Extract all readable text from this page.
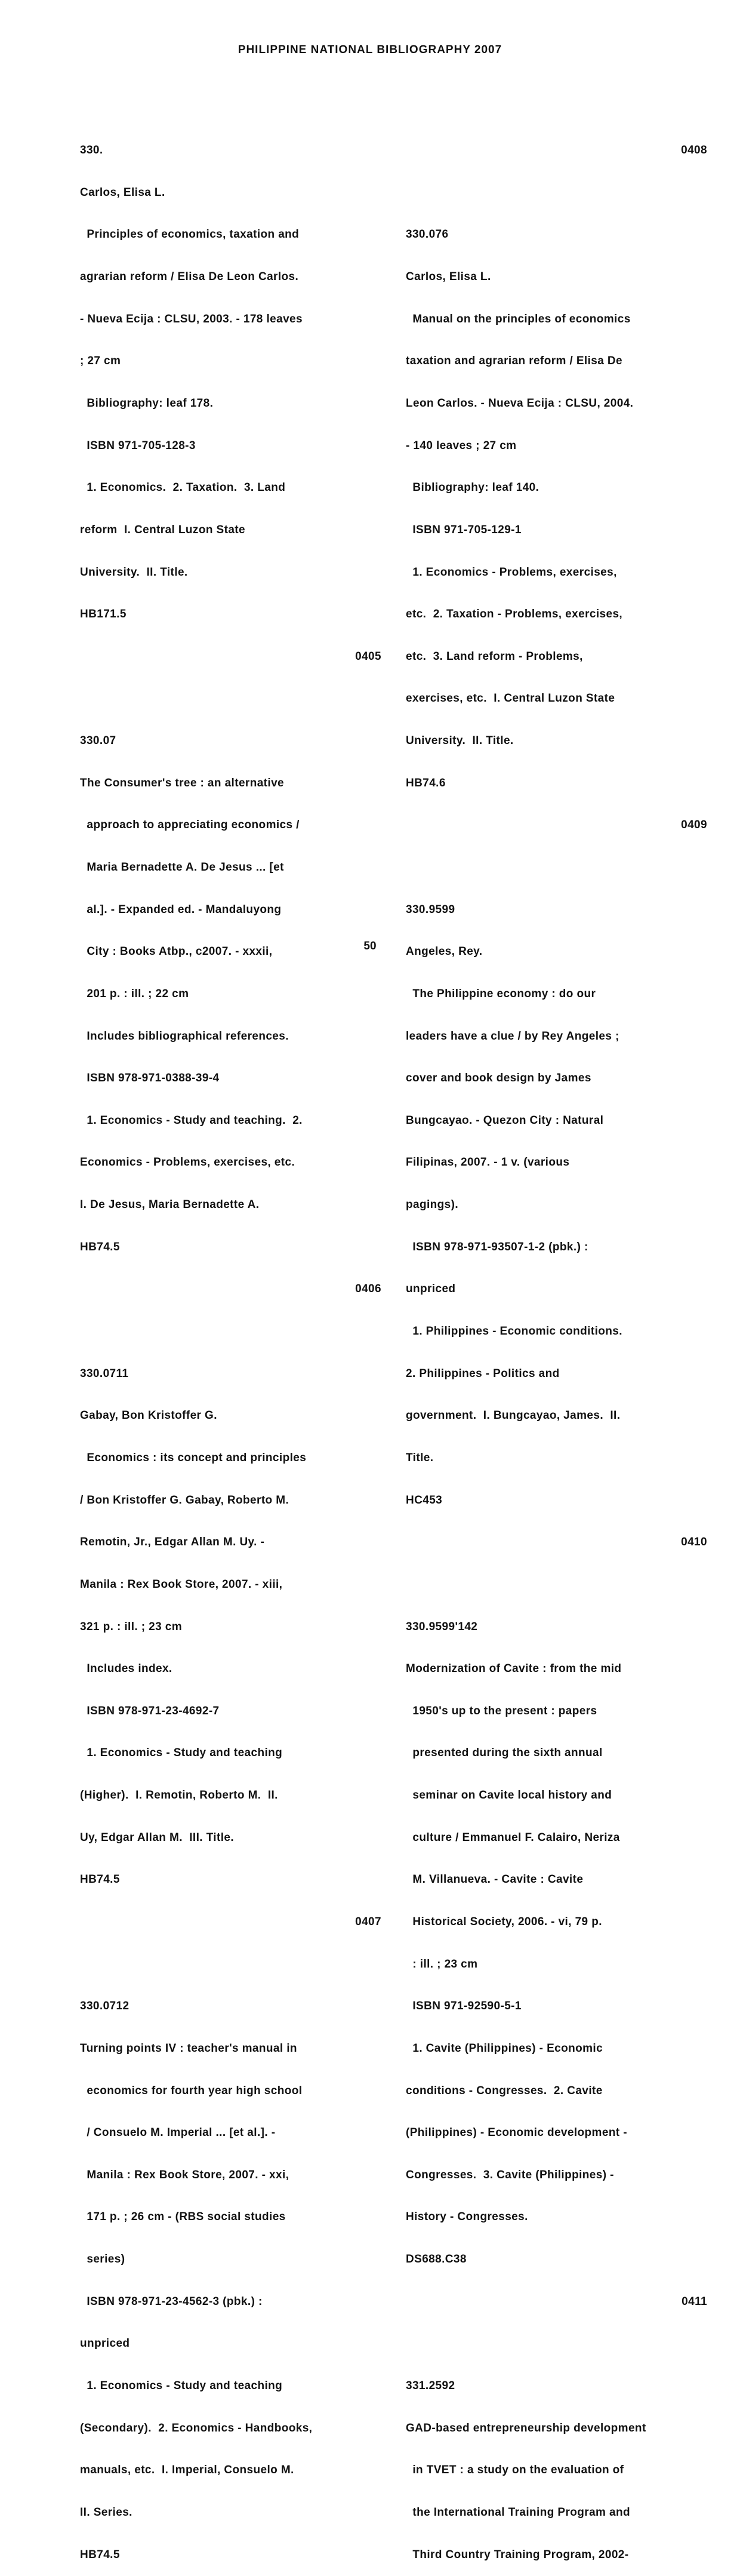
PHILIPPINE NATIONAL BIBLIOGRAPHY 2007

330.

Carlos, Elisa L.

Principles of economics, taxation and

agrarian reform / Elisa De Leon Carlos.

- Nueva Ecija : CLSU, 2003. - 178 leaves

; 27 cm

Bibliography: leaf 178.

ISBN 971-705-128-3

1. Economics.  2. Taxation.  3. Land

reform  I. Central Luzon State

University.  II. Title.

HB171.5

0405

330.07

The Consumer's tree : an alternative

approach to appreciating economics /

Maria Bernadette A. De Jesus ... [et

al.]. - Expanded ed. - Mandaluyong

City : Books Atbp., c2007. - xxxii,

201 p. : ill. ; 22 cm

Includes bibliographical references.

ISBN 978-971-0388-39-4

1. Economics - Study and teaching.  2.

Economics - Problems, exercises, etc.

I. De Jesus, Maria Bernadette A.

HB74.5

0406

330.0711

Gabay, Bon Kristoffer G.

Economics : its concept and principles

/ Bon Kristoffer G. Gabay, Roberto M.

Remotin, Jr., Edgar Allan M. Uy. -

Manila : Rex Book Store, 2007. - xiii,

321 p. : ill. ; 23 cm

Includes index.

ISBN 978-971-23-4692-7

1. Economics - Study and teaching

(Higher).  I. Remotin, Roberto M.  II.

Uy, Edgar Allan M.  III. Title.

HB74.5

0407

330.0712

Turning points IV : teacher's manual in

economics for fourth year high school

/ Consuelo M. Imperial ... [et al.]. -

Manila : Rex Book Store, 2007. - xxi,

171 p. ; 26 cm - (RBS social studies

series)

ISBN 978-971-23-4562-3 (pbk.) :

unpriced

1. Economics - Study and teaching

(Secondary).  2. Economics - Handbooks,

manuals, etc.  I. Imperial, Consuelo M.

II. Series.

HB74.5

0408

330.076

Carlos, Elisa L.

Manual on the principles of economics

taxation and agrarian reform / Elisa De

Leon Carlos. - Nueva Ecija : CLSU, 2004.

- 140 leaves ; 27 cm

Bibliography: leaf 140.

ISBN 971-705-129-1

1. Economics - Problems, exercises,

etc.  2. Taxation - Problems, exercises,

etc.  3. Land reform - Problems,

exercises, etc.  I. Central Luzon State

University.  II. Title.

HB74.6

0409

330.9599

Angeles, Rey.

The Philippine economy : do our

leaders have a clue / by Rey Angeles ;

cover and book design by James

Bungcayao. - Quezon City : Natural

Filipinas, 2007. - 1 v. (various

pagings).

ISBN 978-971-93507-1-2 (pbk.) :

unpriced

1. Philippines - Economic conditions.

2. Philippines - Politics and

government.  I. Bungcayao, James.  II.

Title.

HC453

0410

330.9599'142

Modernization of Cavite : from the mid

1950's up to the present : papers

presented during the sixth annual

seminar on Cavite local history and

culture / Emmanuel F. Calairo, Neriza

M. Villanueva. - Cavite : Cavite

Historical Society, 2006. - vi, 79 p.

: ill. ; 23 cm

ISBN 971-92590-5-1

1. Cavite (Philippines) - Economic

conditions - Congresses.  2. Cavite

(Philippines) - Economic development -

Congresses.  3. Cavite (Philippines) -

History - Congresses.

DS688.C38

0411

331.2592

GAD-based entrepreneurship development

in TVET : a study on the evaluation of

the International Training Program and

Third Country Training Program, 2002-

50
